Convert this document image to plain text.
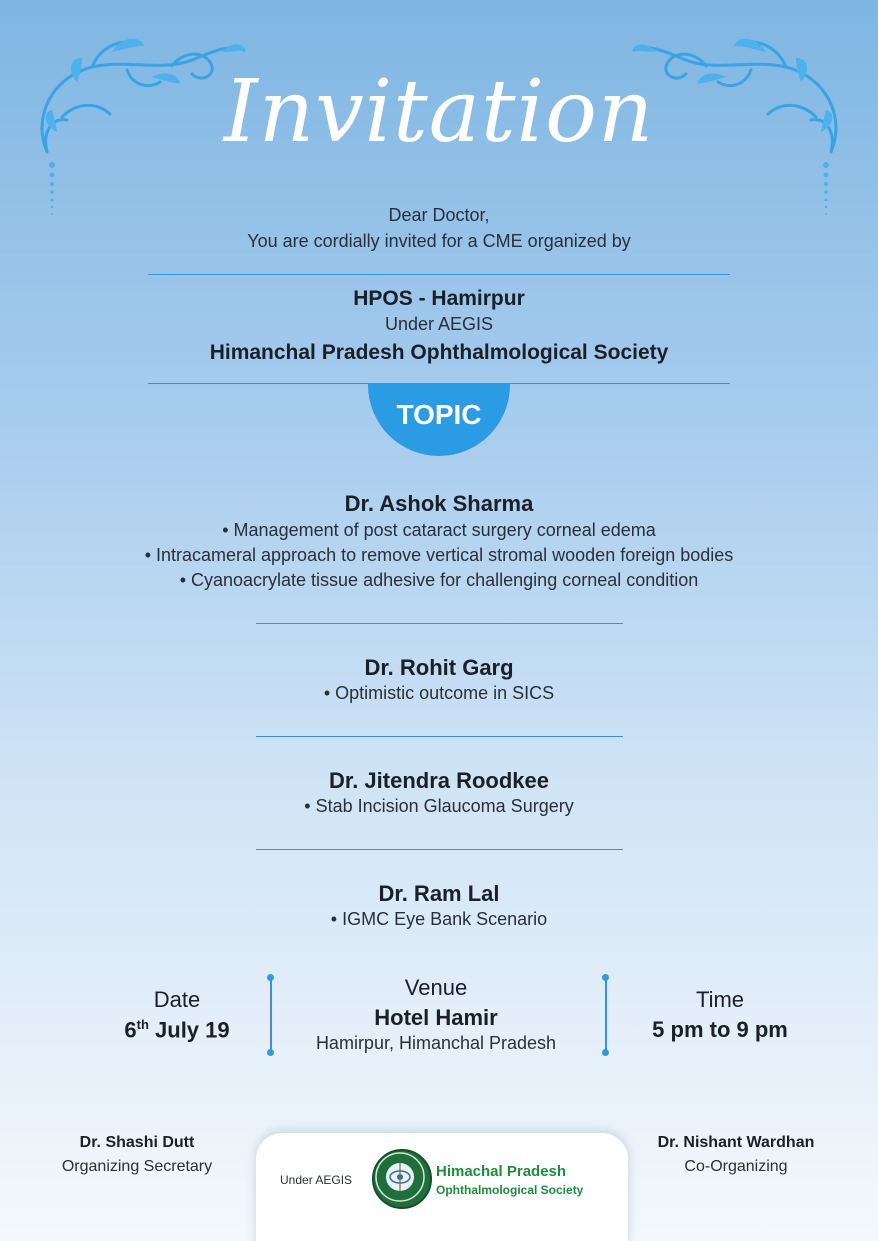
Invitation
Dear Doctor,
You are cordially invited for a CME organized by
HPOS - Hamirpur
Under AEGIS
Himanchal Pradesh Ophthalmological Society
TOPIC
Dr. Ashok Sharma
• Management of post cataract surgery corneal edema
• Intracameral approach to remove vertical stromal wooden foreign bodies
• Cyanoacrylate tissue adhesive for challenging corneal condition
Dr. Rohit Garg
• Optimistic outcome in SICS
Dr. Jitendra Roodkee
• Stab Incision Glaucoma Surgery
Dr. Ram Lal
• IGMC Eye Bank Scenario
Date
6th July 19
Venue
Hotel Hamir
Hamirpur, Himanchal Pradesh
Time
5 pm to 9 pm
Dr. Shashi Dutt
Organizing Secretary
Dr. Nishant Wardhan
Co-Organizing
Under AEGIS	Himachal Pradesh
Ophthalmological Society
